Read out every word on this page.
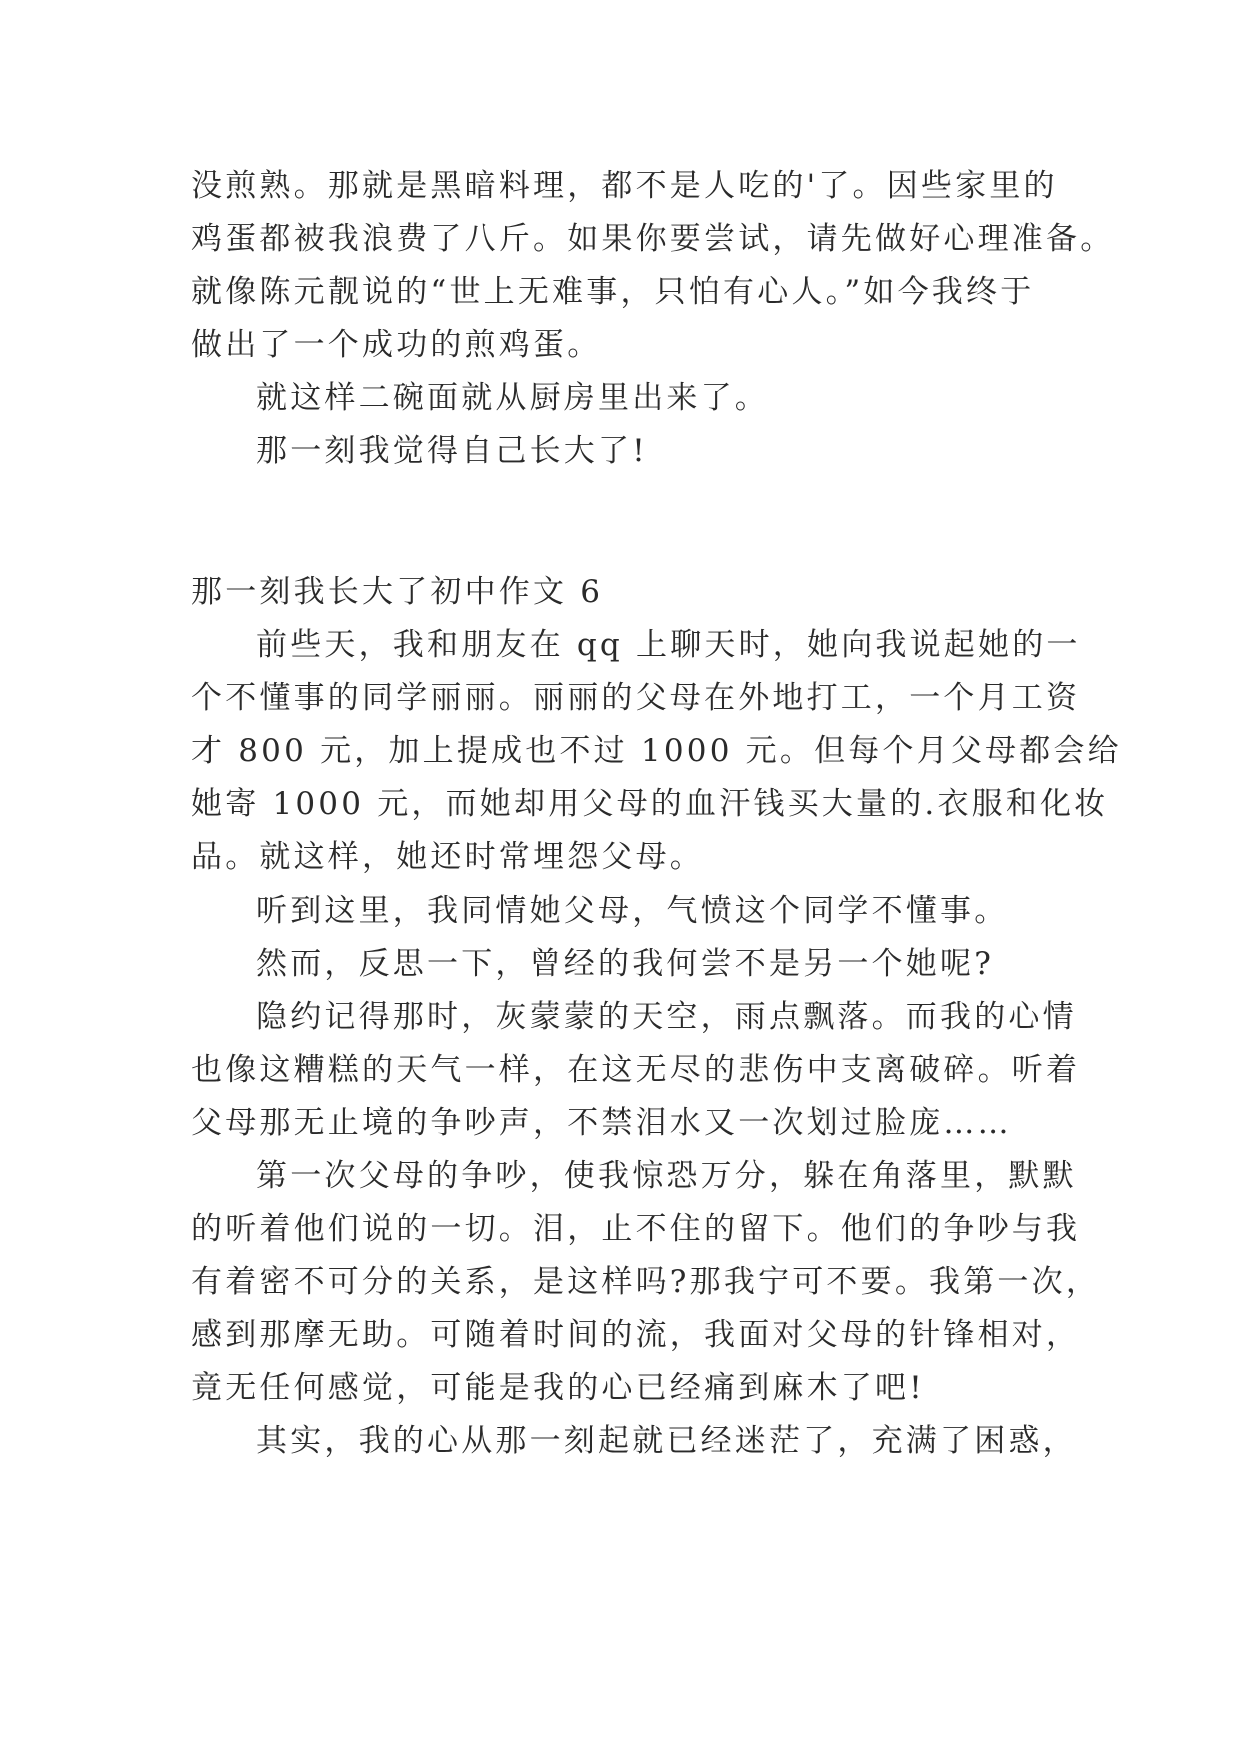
没煎熟。那就是黑暗料理，都不是人吃的'了。因些家里的
鸡蛋都被我浪费了八斤。如果你要尝试，请先做好心理准备。
就像陈元靓说的“世上无难事，只怕有心人。”如今我终于
做出了一个成功的煎鸡蛋。
就这样二碗面就从厨房里出来了。
那一刻我觉得自己长大了!
那一刻我长大了初中作文 6
前些天，我和朋友在 qq 上聊天时，她向我说起她的一
个不懂事的同学丽丽。丽丽的父母在外地打工，一个月工资
才 800 元，加上提成也不过 1000 元。但每个月父母都会给
她寄 1000 元，而她却用父母的血汗钱买大量的.衣服和化妆
品。就这样，她还时常埋怨父母。
听到这里，我同情她父母，气愤这个同学不懂事。
然而，反思一下，曾经的我何尝不是另一个她呢?
隐约记得那时，灰蒙蒙的天空，雨点飘落。而我的心情
也像这糟糕的天气一样，在这无尽的悲伤中支离破碎。听着
父母那无止境的争吵声，不禁泪水又一次划过脸庞……
第一次父母的争吵，使我惊恐万分，躲在角落里，默默
的听着他们说的一切。泪，止不住的留下。他们的争吵与我
有着密不可分的关系，是这样吗?那我宁可不要。我第一次，
感到那摩无助。可随着时间的流，我面对父母的针锋相对，
竟无任何感觉，可能是我的心已经痛到麻木了吧!
其实，我的心从那一刻起就已经迷茫了，充满了困惑，
